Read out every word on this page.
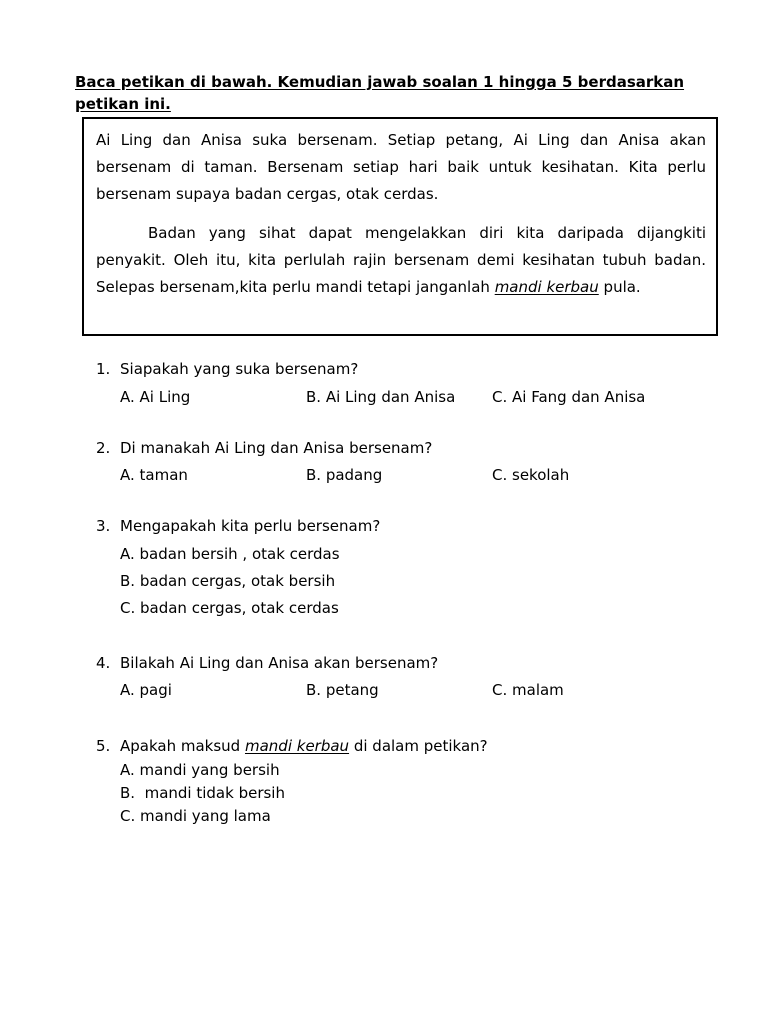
Baca petikan di bawah. Kemudian jawab soalan 1 hingga 5 berdasarkan petikan ini.

Ai Ling dan Anisa suka bersenam. Setiap petang, Ai Ling dan Anisa akan bersenam di taman. Bersenam setiap hari baik untuk kesihatan. Kita perlu bersenam supaya badan cergas, otak cerdas.

Badan yang sihat dapat mengelakkan diri kita daripada dijangkiti penyakit. Oleh itu, kita perlulah rajin bersenam demi kesihatan tubuh badan. Selepas bersenam,kita perlu mandi tetapi janganlah mandi kerbau pula.

1. Siapakah yang suka bersenam?
A. Ai Ling	B. Ai Ling dan Anisa	C. Ai Fang dan Anisa
2. Di manakah Ai Ling dan Anisa bersenam?
A. taman	B. padang	C. sekolah
3. Mengapakah kita perlu bersenam?
A. badan bersih , otak cerdas
B. badan cergas, otak bersih
C. badan cergas, otak cerdas
4. Bilakah Ai Ling dan Anisa akan bersenam?
A. pagi	B. petang	C. malam
5. Apakah maksud mandi kerbau di dalam petikan?
A. mandi yang bersih
B.  mandi tidak bersih
C. mandi yang lama
